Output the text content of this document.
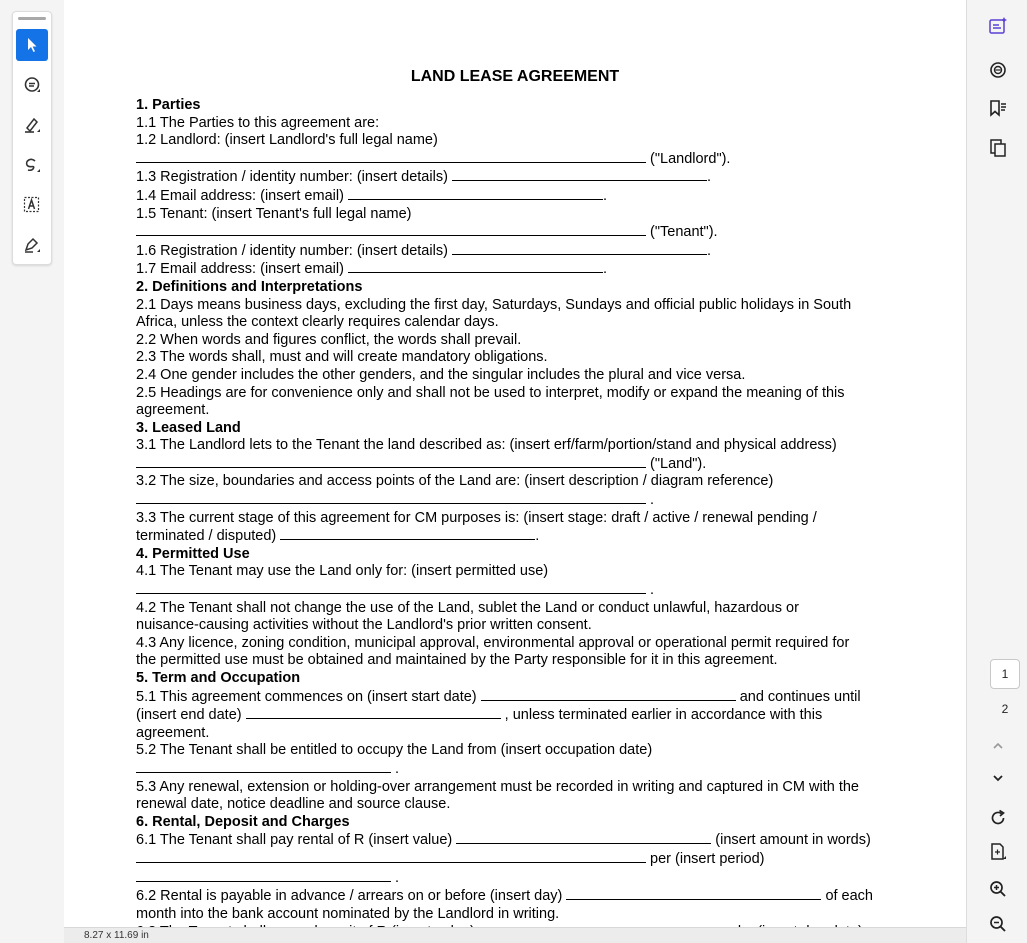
LAND LEASE AGREEMENT
1. Parties
1.1 The Parties to this agreement are:
1.2 Landlord: (insert Landlord's full legal name)
("Landlord").
1.3 Registration / identity number: (insert details)	.
1.4 Email address: (insert email)	.
1.5 Tenant: (insert Tenant's full legal name)
("Tenant").
1.6 Registration / identity number: (insert details)	.
1.7 Email address: (insert email)	.
2. Definitions and Interpretations
2.1 Days means business days, excluding the first day, Saturdays, Sundays and official public holidays in South
Africa, unless the context clearly requires calendar days.
2.2 When words and figures conflict, the words shall prevail.
2.3 The words shall, must and will create mandatory obligations.
2.4 One gender includes the other genders, and the singular includes the plural and vice versa.
2.5 Headings are for convenience only and shall not be used to interpret, modify or expand the meaning of this
agreement.
3. Leased Land
3.1 The Landlord lets to the Tenant the land described as: (insert erf/farm/portion/stand and physical address)
("Land").
3.2 The size, boundaries and access points of the Land are: (insert description / diagram reference)
.
3.3 The current stage of this agreement for CM purposes is: (insert stage: draft / active / renewal pending /
terminated / disputed)	.
4. Permitted Use
4.1 The Tenant may use the Land only for: (insert permitted use)
.
4.2 The Tenant shall not change the use of the Land, sublet the Land or conduct unlawful, hazardous or
nuisance-causing activities without the Landlord's prior written consent.
4.3 Any licence, zoning condition, municipal approval, environmental approval or operational permit required for
the permitted use must be obtained and maintained by the Party responsible for it in this agreement.
5. Term and Occupation
5.1 This agreement commences on (insert start date)	and continues until
(insert end date)	, unless terminated earlier in accordance with this
agreement.
5.2 The Tenant shall be entitled to occupy the Land from (insert occupation date)
.
5.3 Any renewal, extension or holding-over arrangement must be recorded in writing and captured in CM with the
renewal date, notice deadline and source clause.
6. Rental, Deposit and Charges
6.1 The Tenant shall pay rental of R (insert value)	(insert amount in words)
per (insert period)
.
6.2 Rental is payable in advance / arrears on or before (insert day)	of each
month into the bank account nominated by the Landlord in writing.
8.27 x 11.69 in
1
2
